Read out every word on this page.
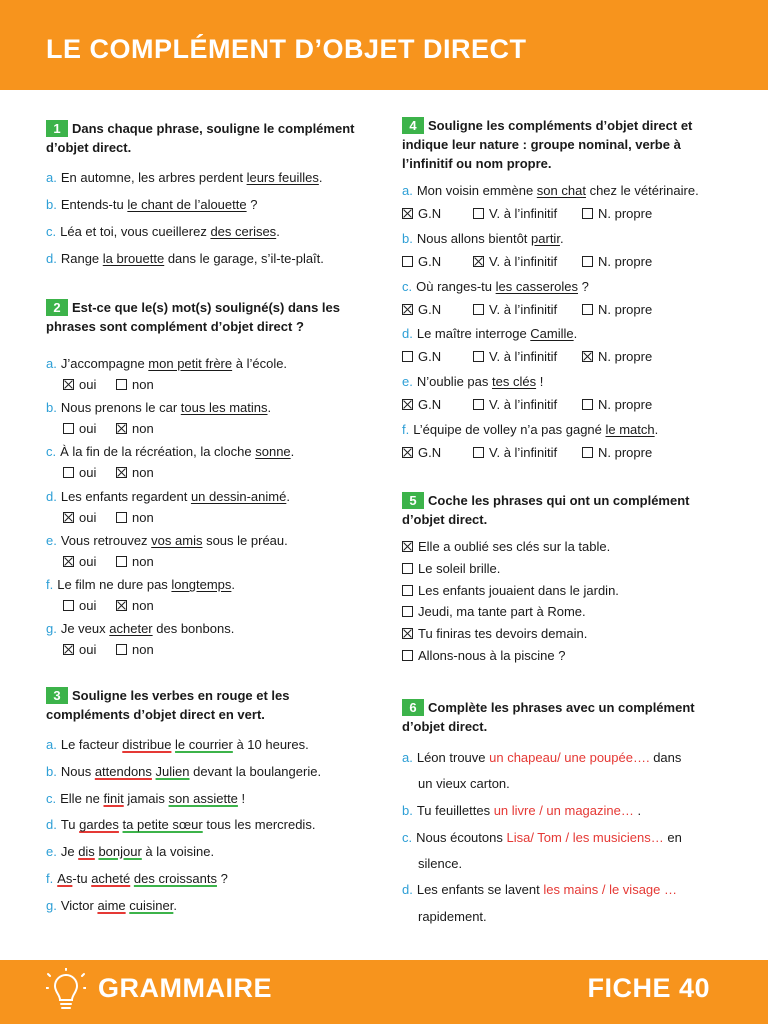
LE COMPLÉMENT D’OBJET DIRECT
1 Dans chaque phrase, souligne le complément d’objet direct.
a. En automne, les arbres perdent leurs feuilles.
b. Entends-tu le chant de l’alouette ?
c. Léa et toi, vous cueillerez des cerises.
d. Range la brouette dans le garage, s’il-te-plaît.
2 Est-ce que le(s) mot(s) souligné(s) dans les phrases sont complément d’objet direct ?
a. J’accompagne mon petit frère à l’école.
oui	non
b. Nous prenons le car tous les matins.
oui	non
c. À la fin de la récréation, la cloche sonne.
oui	non
d. Les enfants regardent un dessin-animé.
oui	non
e. Vous retrouvez vos amis sous le préau.
oui	non
f. Le film ne dure pas longtemps.
oui	non
g. Je veux acheter des bonbons.
oui	non
3 Souligne les verbes en rouge et les compléments d’objet direct en vert.
a. Le facteur distribue le courrier à 10 heures.
b. Nous attendons Julien devant la boulangerie.
c. Elle ne finit jamais son assiette !
d. Tu gardes ta petite sœur tous les mercredis.
e. Je dis bonjour à la voisine.
f. As-tu acheté des croissants ?
g. Victor aime cuisiner.
4 Souligne les compléments d’objet direct et indique leur nature : groupe nominal, verbe à l’infinitif ou nom propre.
a. Mon voisin emmène son chat chez le vétérinaire.
G.N	V. à l’infinitif	N. propre
b. Nous allons bientôt partir.
G.N	V. à l’infinitif	N. propre
c. Où ranges-tu les casseroles ?
G.N	V. à l’infinitif	N. propre
d. Le maître interroge Camille.
G.N	V. à l’infinitif	N. propre
e. N’oublie pas tes clés !
G.N	V. à l’infinitif	N. propre
f. L’équipe de volley n’a pas gagné le match.
G.N	V. à l’infinitif	N. propre
5 Coche les phrases qui ont un complément d’objet direct.
Elle a oublié ses clés sur la table.
Le soleil brille.
Les enfants jouaient dans le jardin.
Jeudi, ma tante part à Rome.
Tu finiras tes devoirs demain.
Allons-nous à la piscine ?
6 Complète les phrases avec un complément d’objet direct.
a. Léon trouve un chapeau/ une poupée…. dans
un vieux carton.
b. Tu feuillettes un livre / un magazine… .
c. Nous écoutons Lisa/ Tom / les musiciens… en
silence.
d. Les enfants se lavent les mains / le visage …
rapidement.
GRAMMAIRE	FICHE 40
